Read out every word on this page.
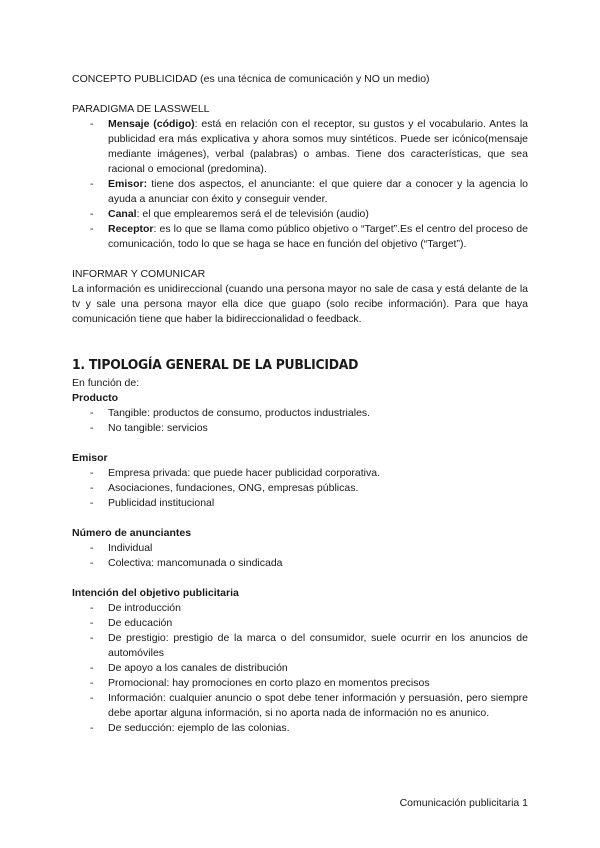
CONCEPTO PUBLICIDAD (es una técnica de comunicación y NO un medio)

PARADIGMA DE LASSWELL

- Mensaje (código): está en relación con el receptor, su gustos y el vocabulario. Antes la publicidad era más explicativa y ahora somos muy sintéticos. Puede ser icónico(mensaje mediante imágenes), verbal (palabras) o ambas. Tiene dos características, que sea racional o emocional (predomina).
- Emisor: tiene dos aspectos, el anunciante: el que quiere dar a conocer y la agencia lo ayuda a anunciar con éxito y conseguir vender.
- Canal: el que emplearemos será el de televisión (audio)
- Receptor: es lo que se llama como público objetivo o “Target”.Es el centro del proceso de comunicación, todo lo que se haga se hace en función del objetivo (“Target”).

INFORMAR Y COMUNICAR

La información es unidireccional (cuando una persona mayor no sale de casa y está delante de la tv y sale una persona mayor ella dice que guapo (solo recibe información). Para que haya comunicación tiene que haber la bidireccionalidad o feedback.

1. TIPOLOGÍA GENERAL DE LA PUBLICIDAD

En función de:

Producto

- Tangible: productos de consumo, productos industriales.
- No tangible: servicios

Emisor

- Empresa privada: que puede hacer publicidad corporativa.
- Asociaciones, fundaciones, ONG, empresas públicas.
- Publicidad institucional

Número de anunciantes

- Individual
- Colectiva: mancomunada o sindicada

Intención del objetivo publicitaria

- De introducción
- De educación
- De prestigio: prestigio de la marca o del consumidor, suele ocurrir en los anuncios de automóviles
- De apoyo a los canales de distribución
- Promocional: hay promociones en corto plazo en momentos precisos
- Información: cualquier anuncio o spot debe tener información y persuasión, pero siempre debe aportar alguna información, si no aporta nada de información no es anunico.
- De seducción: ejemplo de las colonias.
Comunicación publicitaria 1
